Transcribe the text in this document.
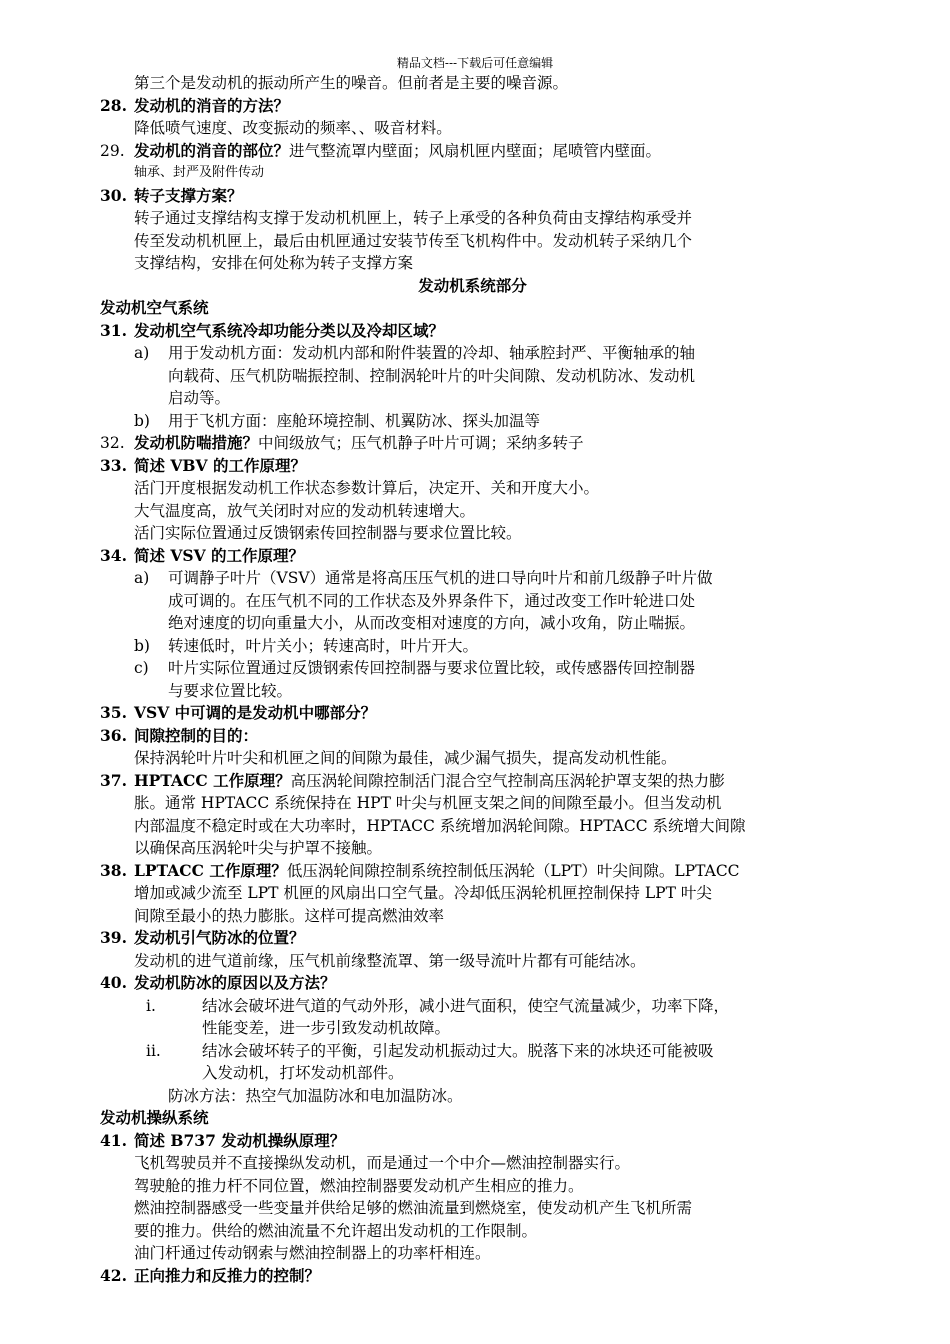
精品文档---下载后可任意编辑
第三个是发动机的振动所产生的噪音。但前者是主要的噪音源。
28. 发动机的消音的方法？
降低喷气速度、改变振动的频率、、吸音材料。
29. 发动机的消音的部位？ 进气整流罩内壁面；风扇机匣内壁面；尾喷管内壁面。
轴承、封严及附件传动
30. 转子支撑方案？
转子通过支撑结构支撑于发动机机匣上，转子上承受的各种负荷由支撑结构承受并
传至发动机机匣上，最后由机匣通过安装节传至飞机构件中。发动机转子采纳几个
支撑结构，安排在何处称为转子支撑方案
发动机系统部分
发动机空气系统
31. 发动机空气系统冷却功能分类以及冷却区域？
a)	用于发动机方面：发动机内部和附件装置的冷却、轴承腔封严、平衡轴承的轴
向载荷、压气机防喘振控制、控制涡轮叶片的叶尖间隙、发动机防冰、发动机
启动等。
b)	用于飞机方面：座舱环境控制、机翼防冰、探头加温等
32. 发动机防喘措施？ 中间级放气；压气机静子叶片可调；采纳多转子
33. 简述 VBV 的工作原理？
活门开度根据发动机工作状态参数计算后，决定开、关和开度大小。
大气温度高，放气关闭时对应的发动机转速增大。
活门实际位置通过反馈钢索传回控制器与要求位置比较。
34. 简述 VSV 的工作原理？
a)	可调静子叶片（VSV）通常是将高压压气机的进口导向叶片和前几级静子叶片做
成可调的。在压气机不同的工作状态及外界条件下，通过改变工作叶轮进口处
绝对速度的切向重量大小，从而改变相对速度的方向，减小攻角，防止喘振。
b)	转速低时，叶片关小；转速高时，叶片开大。
c)	叶片实际位置通过反馈钢索传回控制器与要求位置比较，或传感器传回控制器
与要求位置比较。
35. VSV 中可调的是发动机中哪部分？
36. 间隙控制的目的：
保持涡轮叶片叶尖和机匣之间的间隙为最佳，减少漏气损失，提高发动机性能。
37. HPTACC 工作原理？ 高压涡轮间隙控制活门混合空气控制高压涡轮护罩支架的热力膨
胀。通常 HPTACC 系统保持在 HPT 叶尖与机匣支架之间的间隙至最小。但当发动机
内部温度不稳定时或在大功率时，HPTACC 系统增加涡轮间隙。HPTACC 系统增大间隙
以确保高压涡轮叶尖与护罩不接触。
38. LPTACC 工作原理？ 低压涡轮间隙控制系统控制低压涡轮（LPT）叶尖间隙。LPTACC
增加或减少流至 LPT 机匣的风扇出口空气量。冷却低压涡轮机匣控制保持 LPT 叶尖
间隙至最小的热力膨胀。这样可提高燃油效率
39. 发动机引气防冰的位置？
发动机的进气道前缘，压气机前缘整流罩、第一级导流叶片都有可能结冰。
40. 发动机防冰的原因以及方法？
i.	结冰会破坏进气道的气动外形，减小进气面积，使空气流量减少，功率下降，
性能变差，进一步引致发动机故障。
ii.	结冰会破坏转子的平衡，引起发动机振动过大。脱落下来的冰块还可能被吸
入发动机，打坏发动机部件。
防冰方法：热空气加温防冰和电加温防冰。
发动机操纵系统
41. 简述 B737 发动机操纵原理？
飞机驾驶员并不直接操纵发动机，而是通过一个中介—燃油控制器实行。
驾驶舱的推力杆不同位置，燃油控制器要发动机产生相应的推力。
燃油控制器感受一些变量并供给足够的燃油流量到燃烧室，使发动机产生飞机所需
要的推力。供给的燃油流量不允许超出发动机的工作限制。
油门杆通过传动钢索与燃油控制器上的功率杆相连。
42. 正向推力和反推力的控制？
